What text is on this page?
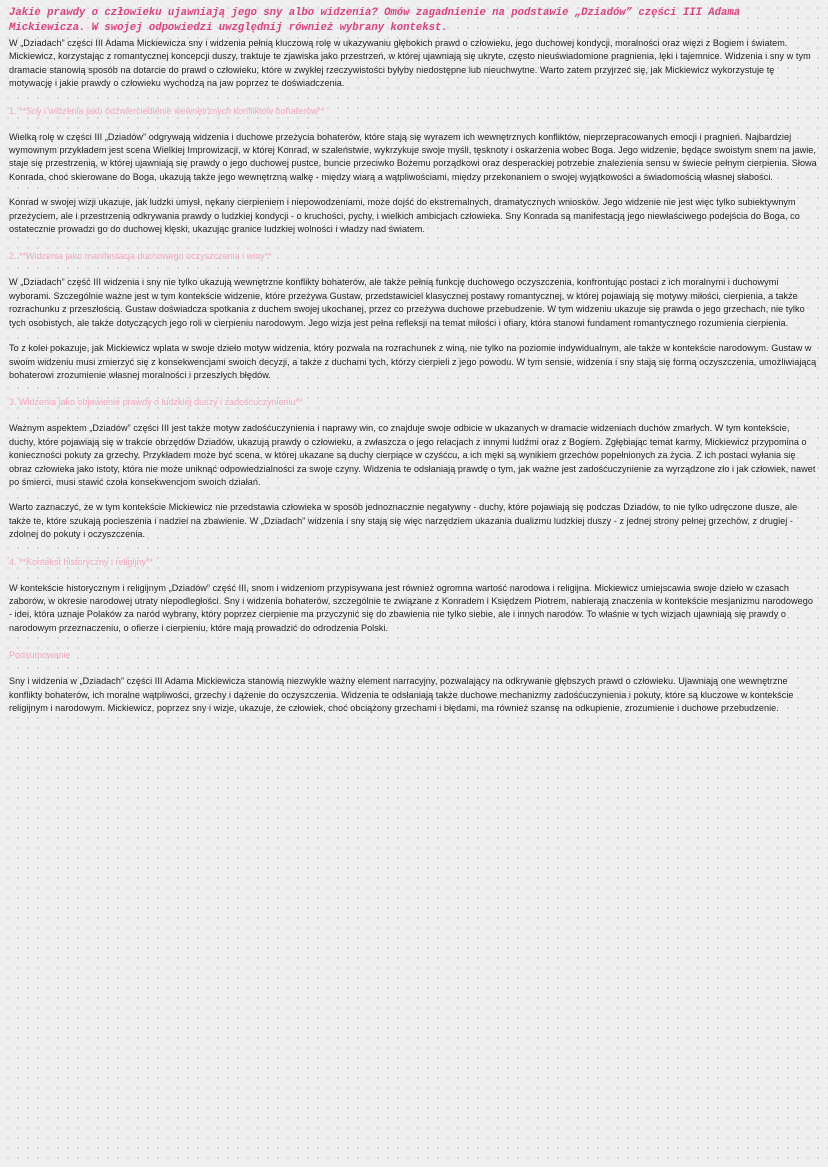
Jakie prawdy o człowieku ujawniają jego sny albo widzenia? Omów zagadnienie na podstawie „Dziadów” części III Adama Mickiewicza. W swojej odpowiedzi uwzględnij również wybrany kontekst.

W „Dziadach” części III Adama Mickiewicza sny i widzenia pełnią kluczową rolę w ukazywaniu głębokich prawd o człowieku, jego duchowej kondycji, moralności oraz więzi z Bogiem i światem. Mickiewicz, korzystając z romantycznej koncepcji duszy, traktuje te zjawiska jako przestrzeń, w której ujawniają się ukryte, często nieuświadomione pragnienia, lęki i tajemnice. Widzenia i sny w tym dramacie stanowią sposób na dotarcie do prawd o człowieku, które w zwykłej rzeczywistości byłyby niedostępne lub nieuchwytne. Warto zatem przyjrzeć się, jak Mickiewicz wykorzystuje tę motywację i jakie prawdy o człowieku wychodzą na jaw poprzez te doświadczenia.

1. **Sny i widzenia jako odzwierciedlenie wewnętrznych konfliktów bohaterów**

Wielką rolę w części III „Dziadów” odgrywają widzenia i duchowe przeżycia bohaterów, które stają się wyrazem ich wewnętrznych konfliktów, nieprzepracowanych emocji i pragnień. Najbardziej wymownym przykładem jest scena Wielkiej Improwizacji, w której Konrad, w szaleństwie, wykrzykuje swoje myśli, tęsknoty i oskarżenia wobec Boga. Jego widzenie, będące swoistym snem na jawie, staje się przestrzenią, w której ujawniają się prawdy o jego duchowej pustce, buncie przeciwko Bożemu porządkowi oraz desperackiej potrzebie znalezienia sensu w świecie pełnym cierpienia. Słowa Konrada, choć skierowane do Boga, ukazują także jego wewnętrzną walkę - między wiarą a wątpliwościami, między przekonaniem o swojej wyjątkowości a świadomością własnej słabości.

Konrad w swojej wizji ukazuje, jak ludzki umysł, nękany cierpieniem i niepowodzeniami, może dojść do ekstremalnych, dramatycznych wniosków. Jego widzenie nie jest więc tylko subiektywnym przeżyciem, ale i przestrzenią odkrywania prawdy o ludzkiej kondycji - o kruchości, pychy, i wielkich ambicjach człowieka. Sny Konrada są manifestacją jego niewłaściwego podejścia do Boga, co ostatecznie prowadzi go do duchowej klęski, ukazując granice ludzkiej wolności i władzy nad światem.

2. **Widzenia jako manifestacja duchowego oczyszczenia i winy**

W „Dziadach” część III widzenia i sny nie tylko ukazują wewnętrzne konflikty bohaterów, ale także pełnią funkcję duchowego oczyszczenia, konfrontując postaci z ich moralnymi i duchowymi wyborami. Szczególnie ważne jest w tym kontekście widzenie, które przeżywa Gustaw, przedstawiciel klasycznej postawy romantycznej, w której pojawiają się motywy miłości, cierpienia, a także rozrachunku z przeszłością. Gustaw doświadcza spotkania z duchem swojej ukochanej, przez co przeżywa duchowe przebudzenie. W tym widzeniu ukazuje się prawda o jego grzechach, nie tylko tych osobistych, ale także dotyczących jego roli w cierpieniu narodowym. Jego wizja jest pełna refleksji na temat miłości i ofiary, która stanowi fundament romantycznego rozumienia cierpienia.

To z kolei pokazuje, jak Mickiewicz wplata w swoje dzieło motyw widzenia, który pozwala na rozrachunek z winą, nie tylko na poziomie indywidualnym, ale także w kontekście narodowym. Gustaw w swoim widzeniu musi zmierzyć się z konsekwencjami swoich decyzji, a także z duchami tych, którzy cierpieli z jego powodu. W tym sensie, widzenia i sny stają się formą oczyszczenia, umożliwiającą bohaterowi zrozumienie własnej moralności i przeszłych błędów.

3. Widzenia jako objawienie prawdy o ludzkiej duszy i zadośćuczynieniu**

Ważnym aspektem „Dziadów” części III jest także motyw zadośćuczynienia i naprawy win, co znajduje swoje odbicie w ukazanych w dramacie widzeniach duchów zmarłych. W tym kontekście, duchy, które pojawiają się w trakcie obrzędów Dziadów, ukazują prawdy o człowieku, a zwłaszcza o jego relacjach z innymi ludźmi oraz z Bogiem. Zgłębiając temat karmy, Mickiewicz przypomina o konieczności pokuty za grzechy. Przykładem może być scena, w której ukazane są duchy cierpiące w czyśćcu, a ich męki są wynikiem grzechów popełnionych za życia. Z ich postaci wyłania się obraz człowieka jako istoty, która nie może uniknąć odpowiedzialności za swoje czyny. Widzenia te odsłaniają prawdę o tym, jak ważne jest zadośćuczynienie za wyrządzone zło i jak człowiek, nawet po śmierci, musi stawić czoła konsekwencjom swoich działań.

Warto zaznaczyć, że w tym kontekście Mickiewicz nie przedstawia człowieka w sposób jednoznacznie negatywny - duchy, które pojawiają się podczas Dziadów, to nie tylko udręczone dusze, ale także te, które szukają pocieszenia i nadziei na zbawienie. W „Dziadach” widzenia i sny stają się więc narzędziem ukazania dualizmu ludzkiej duszy - z jednej strony pełnej grzechów, z drugiej - zdolnej do pokuty i oczyszczenia.

4. **Kontekst historyczny i religijny**

W kontekście historycznym i religijnym „Dziadów” część III, snom i widzeniom przypisywana jest również ogromna wartość narodowa i religijna. Mickiewicz umiejscawia swoje dzieło w czasach zaborów, w okresie narodowej utraty niepodległości. Sny i widzenia bohaterów, szczególnie te związane z Konradem i Księdzem Piotrem, nabierają znaczenia w kontekście mesjanizmu narodowego - idei, która uznaje Polaków za naród wybrany, który poprzez cierpienie ma przyczynić się do zbawienia nie tylko siebie, ale i innych narodów. To właśnie w tych wizjach ujawniają się prawdy o narodowym przeznaczeniu, o ofierze i cierpieniu, które mają prowadzić do odrodzenia Polski.

Podsumowanie

Sny i widzenia w „Dziadach” części III Adama Mickiewicza stanowią niezwykle ważny element narracyjny, pozwalający na odkrywanie głębszych prawd o człowieku. Ujawniają one wewnętrzne konflikty bohaterów, ich moralne wątpliwości, grzechy i dążenie do oczyszczenia. Widzenia te odsłaniają także duchowe mechanizmy zadośćuczynienia i pokuty, które są kluczowe w kontekście religijnym i narodowym. Mickiewicz, poprzez sny i wizje, ukazuje, że człowiek, choć obciążony grzechami i błędami, ma również szansę na odkupienie, zrozumienie i duchowe przebudzenie.
